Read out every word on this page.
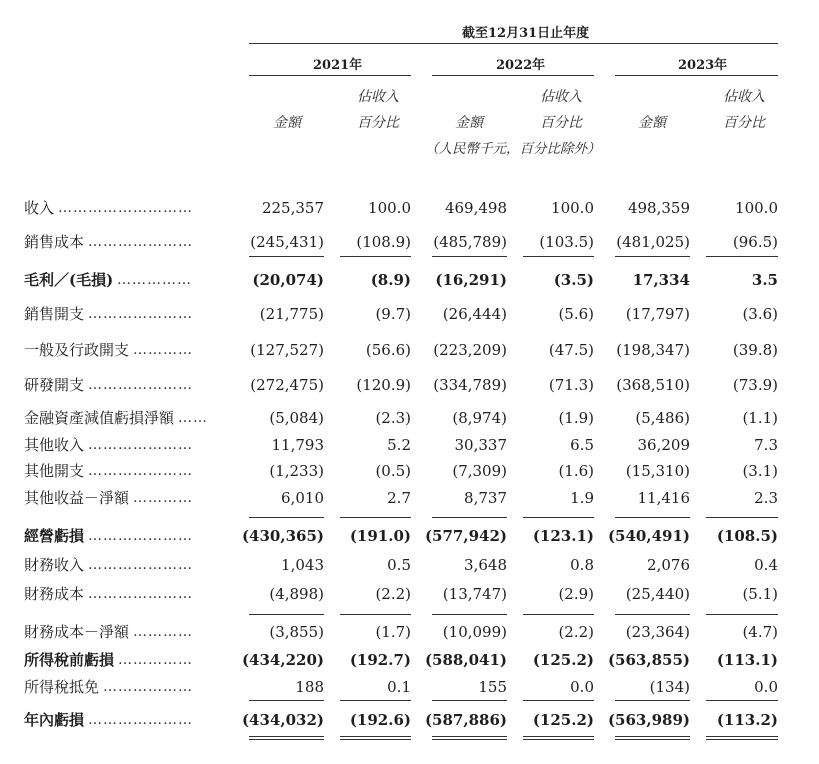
截至12月31日止年度
2021年	2022年	2023年
佔收入	佔收入	佔收入
金額	百分比	金額	百分比	金額	百分比
（人民幣千元，百分比除外）
收入 ………………………	225,357	100.0 469,498	100.0 498,359	100.0
銷售成本 …………………	(245,431) (108.9) (485,789) (103.5) (481,025)	(96.5)
毛利／(毛損) ……………	(20,074)	(8.9) (16,291)	(3.5)	17,334	3.5
銷售開支 …………………	(21,775)	(9.7) (26,444)	(5.6) (17,797)	(3.6)
一般及行政開支 …………	(127,527)	(56.6) (223,209)	(47.5) (198,347)	(39.8)
研發開支 …………………	(272,475) (120.9) (334,789)	(71.3) (368,510)	(73.9)
金融資產減值虧損淨額 ……	(5,084)	(2.3)	(8,974)	(1.9)	(5,486)	(1.1)
其他收入 …………………	11,793	5.2	30,337	6.5	36,209	7.3
其他開支 …………………	(1,233)	(0.5)	(7,309)	(1.6) (15,310)	(3.1)
其他收益－淨額 …………	6,010	2.7	8,737	1.9	11,416	2.3
經營虧損 …………………	(430,365) (191.0) (577,942) (123.1) (540,491) (108.5)
財務收入 …………………	1,043	0.5	3,648	0.8	2,076	0.4
財務成本 …………………	(4,898)	(2.2) (13,747)	(2.9) (25,440)	(5.1)
財務成本－淨額 …………	(3,855)	(1.7) (10,099)	(2.2) (23,364)	(4.7)
所得稅前虧損 ……………	(434,220) (192.7) (588,041) (125.2) (563,855) (113.1)
所得稅抵免 ………………	188	0.1	155	0.0	(134)	0.0
年內虧損 …………………	(434,032) (192.6) (587,886) (125.2) (563,989) (113.2)
